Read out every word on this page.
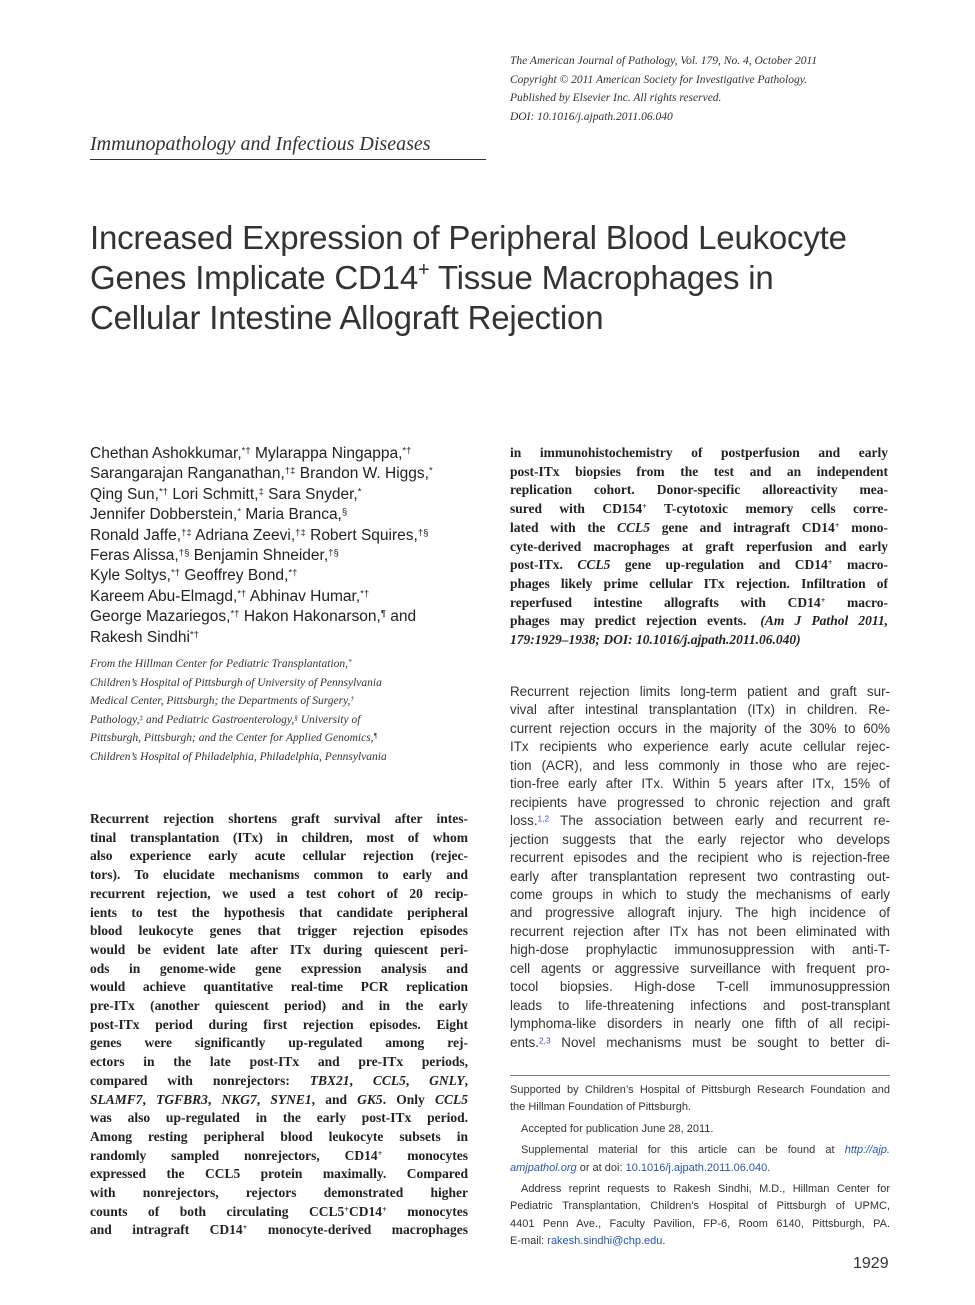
The American Journal of Pathology, Vol. 179, No. 4, October 2011
Copyright © 2011 American Society for Investigative Pathology.
Published by Elsevier Inc. All rights reserved.
DOI: 10.1016/j.ajpath.2011.06.040
Immunopathology and Infectious Diseases
Increased Expression of Peripheral Blood Leukocyte
Genes Implicate CD14+ Tissue Macrophages in
Cellular Intestine Allograft Rejection
Chethan Ashokkumar,*† Mylarappa Ningappa,*†
Sarangarajan Ranganathan,†‡ Brandon W. Higgs,*
Qing Sun,*† Lori Schmitt,‡ Sara Snyder,*
Jennifer Dobberstein,* Maria Branca,§
Ronald Jaffe,†‡ Adriana Zeevi,†‡ Robert Squires,†§
Feras Alissa,†§ Benjamin Shneider,†§
Kyle Soltys,*† Geoffrey Bond,*†
Kareem Abu-Elmagd,*† Abhinav Humar,*†
George Mazariegos,*† Hakon Hakonarson,¶ and
Rakesh Sindhi*†
From the Hillman Center for Pediatric Transplantation,*
Children’s Hospital of Pittsburgh of University of Pennsylvania
Medical Center, Pittsburgh; the Departments of Surgery,†
Pathology,‡ and Pediatric Gastroenterology,§ University of
Pittsburgh, Pittsburgh; and the Center for Applied Genomics,¶
Children’s Hospital of Philadelphia, Philadelphia, Pennsylvania

Recurrent rejection shortens graft survival after intes-

tinal transplantation (ITx) in children, most of whom

also experience early acute cellular rejection (rejec-

tors). To elucidate mechanisms common to early and

recurrent rejection, we used a test cohort of 20 recip-

ients to test the hypothesis that candidate peripheral

blood leukocyte genes that trigger rejection episodes

would be evident late after ITx during quiescent peri-

ods in genome-wide gene expression analysis and

would achieve quantitative real-time PCR replication

pre-ITx (another quiescent period) and in the early

post-ITx period during first rejection episodes. Eight

genes were significantly up-regulated among rej-

ectors in the late post-ITx and pre-ITx periods,

compared with nonrejectors: TBX21, CCL5, GNLY,

SLAMF7, TGFBR3, NKG7, SYNE1, and GK5. Only CCL5

was also up-regulated in the early post-ITx period.

Among resting peripheral blood leukocyte subsets in

randomly sampled nonrejectors, CD14+ monocytes

expressed the CCL5 protein maximally. Compared

with nonrejectors, rejectors demonstrated higher

counts of both circulating CCL5+CD14+ monocytes

and intragraft CD14+ monocyte-derived macrophages

in immunohistochemistry of postperfusion and early

post-ITx biopsies from the test and an independent

replication cohort. Donor-specific alloreactivity mea-

sured with CD154+ T-cytotoxic memory cells corre-

lated with the CCL5 gene and intragraft CD14+ mono-

cyte-derived macrophages at graft reperfusion and early

post-ITx. CCL5 gene up-regulation and CD14+ macro-

phages likely prime cellular ITx rejection. Infiltration of

reperfused intestine allografts with CD14+ macro-

phages may predict rejection events. (Am J Pathol 2011,

179:1929–1938; DOI: 10.1016/j.ajpath.2011.06.040)

Recurrent rejection limits long-term patient and graft sur-

vival after intestinal transplantation (ITx) in children. Re-

current rejection occurs in the majority of the 30% to 60%

ITx recipients who experience early acute cellular rejec-

tion (ACR), and less commonly in those who are rejec-

tion-free early after ITx. Within 5 years after ITx, 15% of

recipients have progressed to chronic rejection and graft

loss.$^{1,2}$ The association between early and recurrent re-

jection suggests that the early rejector who develops

recurrent episodes and the recipient who is rejection-free

early after transplantation represent two contrasting out-

come groups in which to study the mechanisms of early

and progressive allograft injury. The high incidence of

recurrent rejection after ITx has not been eliminated with

high-dose prophylactic immunosuppression with anti-T-

cell agents or aggressive surveillance with frequent pro-

tocol biopsies. High-dose T-cell immunosuppression

leads to life-threatening infections and post-transplant

lymphoma-like disorders in nearly one fifth of all recipi-

ents.$^{2,3}$ Novel mechanisms must be sought to better di-

Supported by Children’s Hospital of Pittsburgh Research Foundation and

the Hillman Foundation of Pittsburgh.

Accepted for publication June 28, 2011.

Supplemental material for this article can be found at http://ajp.

amjpathol.org or at doi: 10.1016/j.ajpath.2011.06.040.

Address reprint requests to Rakesh Sindhi, M.D., Hillman Center for

Pediatric Transplantation, Children’s Hospital of Pittsburgh of UPMC,

4401 Penn Ave., Faculty Pavilion, FP-6, Room 6140, Pittsburgh, PA.

E-mail: rakesh.sindhi@chp.edu.

1929
